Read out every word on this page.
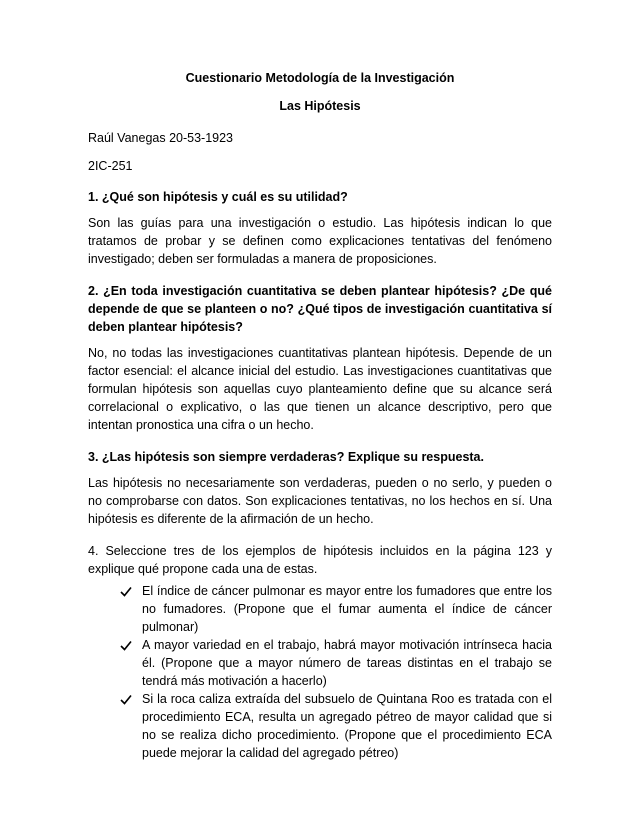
Cuestionario Metodología de la Investigación

Las Hipótesis

Raúl Vanegas 20-53-1923

2IC-251

1. ¿Qué son hipótesis y cuál es su utilidad?

Son las guías para una investigación o estudio. Las hipótesis indican lo que tratamos de probar y se definen como explicaciones tentativas del fenómeno investigado; deben ser formuladas a manera de proposiciones.

2. ¿En toda investigación cuantitativa se deben plantear hipótesis? ¿De qué depende de que se planteen o no? ¿Qué tipos de investigación cuantitativa sí deben plantear hipótesis?

No, no todas las investigaciones cuantitativas plantean hipótesis. Depende de un factor esencial: el alcance inicial del estudio. Las investigaciones cuantitativas que formulan hipótesis son aquellas cuyo planteamiento define que su alcance será correlacional o explicativo, o las que tienen un alcance descriptivo, pero que intentan pronostica una cifra o un hecho.

3. ¿Las hipótesis son siempre verdaderas? Explique su respuesta.

Las hipótesis no necesariamente son verdaderas, pueden o no serlo, y pueden o no comprobarse con datos. Son explicaciones tentativas, no los hechos en sí. Una hipótesis es diferente de la afirmación de un hecho.

4. Seleccione tres de los ejemplos de hipótesis incluidos en la página 123 y explique qué propone cada una de estas.

El índice de cáncer pulmonar es mayor entre los fumadores que entre los no fumadores. (Propone que el fumar aumenta el índice de cáncer pulmonar)
A mayor variedad en el trabajo, habrá mayor motivación intrínseca hacia él. (Propone que a mayor número de tareas distintas en el trabajo se tendrá más motivación a hacerlo)
Si la roca caliza extraída del subsuelo de Quintana Roo es tratada con el procedimiento ECA, resulta un agregado pétreo de mayor calidad que si no se realiza dicho procedimiento. (Propone que el procedimiento ECA puede mejorar la calidad del agregado pétreo)
